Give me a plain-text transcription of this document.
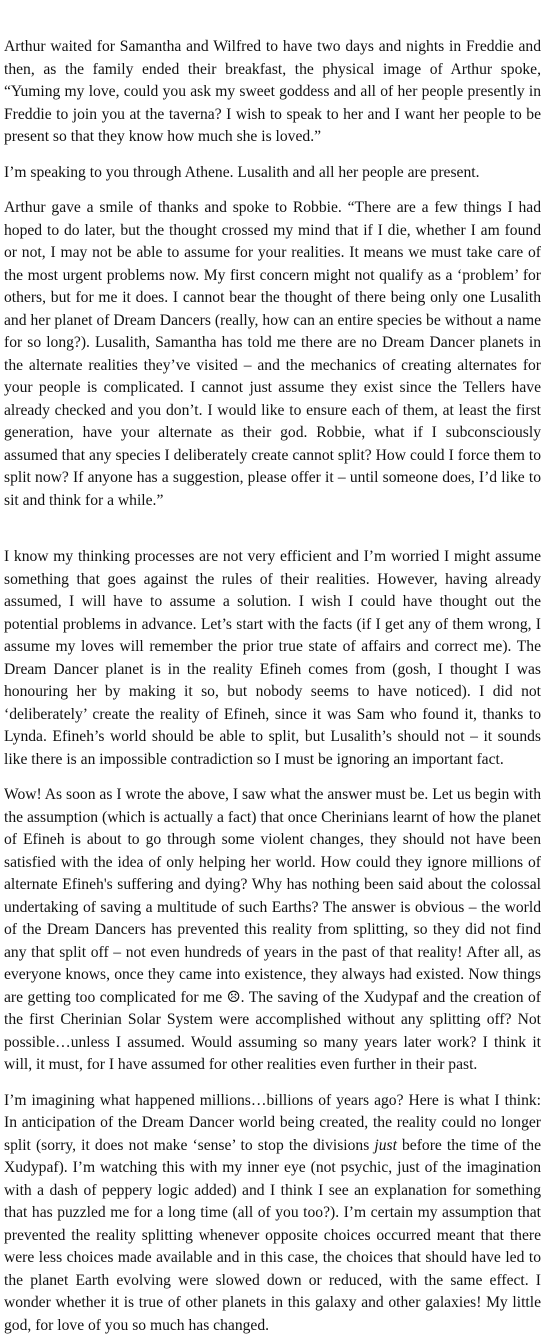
Arthur waited for Samantha and Wilfred to have two days and nights in Freddie and then, as the family ended their breakfast, the physical image of Arthur spoke, “Yuming my love, could you ask my sweet goddess and all of her people presently in Freddie to join you at the taverna? I wish to speak to her and I want her people to be present so that they know how much she is loved.”

I’m speaking to you through Athene. Lusalith and all her people are present.

Arthur gave a smile of thanks and spoke to Robbie. “There are a few things I had hoped to do later, but the thought crossed my mind that if I die, whether I am found or not, I may not be able to assume for your realities. It means we must take care of the most urgent problems now. My first concern might not qualify as a ‘problem’ for others, but for me it does. I cannot bear the thought of there being only one Lusalith and her planet of Dream Dancers (really, how can an entire species be without a name for so long?). Lusalith, Samantha has told me there are no Dream Dancer planets in the alternate realities they’ve visited – and the mechanics of creating alternates for your people is complicated. I cannot just assume they exist since the Tellers have already checked and you don’t. I would like to ensure each of them, at least the first generation, have your alternate as their god. Robbie, what if I subconsciously assumed that any species I deliberately create cannot split? How could I force them to split now? If anyone has a suggestion, please offer it – until someone does, I’d like to sit and think for a while.”

I know my thinking processes are not very efficient and I’m worried I might assume something that goes against the rules of their realities. However, having already assumed, I will have to assume a solution. I wish I could have thought out the potential problems in advance. Let’s start with the facts (if I get any of them wrong, I assume my loves will remember the prior true state of affairs and correct me). The Dream Dancer planet is in the reality Efineh comes from (gosh, I thought I was honouring her by making it so, but nobody seems to have noticed). I did not ‘deliberately’ create the reality of Efineh, since it was Sam who found it, thanks to Lynda. Efineh’s world should be able to split, but Lusalith’s should not – it sounds like there is an impossible contradiction so I must be ignoring an important fact.

Wow! As soon as I wrote the above, I saw what the answer must be. Let us begin with the assumption (which is actually a fact) that once Cherinians learnt of how the planet of Efineh is about to go through some violent changes, they should not have been satisfied with the idea of only helping her world. How could they ignore millions of alternate Efineh's suffering and dying? Why has nothing been said about the colossal undertaking of saving a multitude of such Earths? The answer is obvious – the world of the Dream Dancers has prevented this reality from splitting, so they did not find any that split off – not even hundreds of years in the past of that reality! After all, as everyone knows, once they came into existence, they always had existed. Now things are getting too complicated for me ☹. The saving of the Xudypaf and the creation of the first Cherinian Solar System were accomplished without any splitting off? Not possible…unless I assumed. Would assuming so many years later work? I think it will, it must, for I have assumed for other realities even further in their past.

I’m imagining what happened millions…billions of years ago? Here is what I think: In anticipation of the Dream Dancer world being created, the reality could no longer split (sorry, it does not make ‘sense’ to stop the divisions just before the time of the Xudypaf). I’m watching this with my inner eye (not psychic, just of the imagination with a dash of peppery logic added) and I think I see an explanation for something that has puzzled me for a long time (all of you too?). I’m certain my assumption that prevented the reality splitting whenever opposite choices occurred meant that there were less choices made available and in this case, the choices that should have led to the planet Earth evolving were slowed down or reduced, with the same effect. I wonder whether it is true of other planets in this galaxy and other galaxies! My little god, for love of you so much has changed.
